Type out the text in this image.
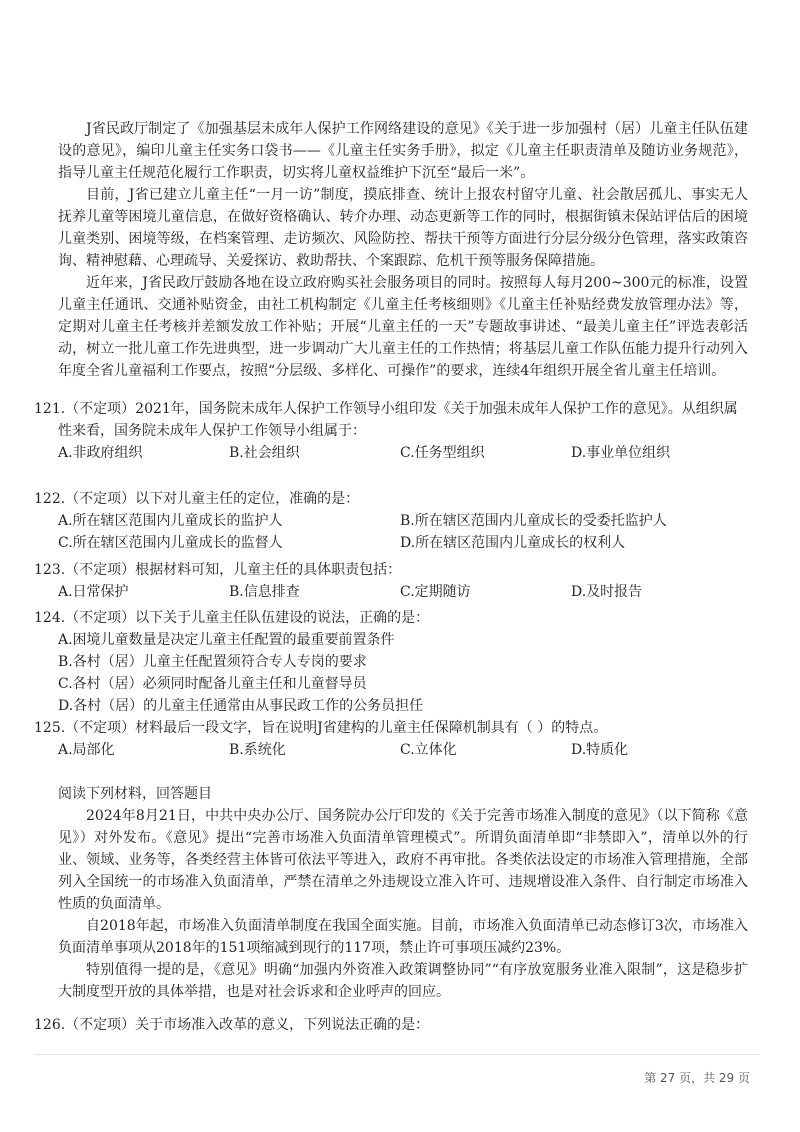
J省民政厅制定了《加强基层未成年人保护工作网络建设的意见》《关于进一步加强村（居）儿童主任队伍建设的意见》，编印儿童主任实务口袋书——《儿童主任实务手册》，拟定《儿童主任职责清单及随访业务规范》，指导儿童主任规范化履行工作职责，切实将儿童权益维护下沉至“最后一米”。

目前，J省已建立儿童主任“一月一访”制度，摸底排查、统计上报农村留守儿童、社会散居孤儿、事实无人抚养儿童等困境儿童信息，在做好资格确认、转介办理、动态更新等工作的同时，根据街镇未保站评估后的困境儿童类别、困境等级，在档案管理、走访频次、风险防控、帮扶干预等方面进行分层分级分色管理，落实政策咨询、精神慰藉、心理疏导、关爱探访、救助帮扶、个案跟踪、危机干预等服务保障措施。

近年来，J省民政厅鼓励各地在设立政府购买社会服务项目的同时。按照每人每月200~300元的标准，设置儿童主任通讯、交通补贴资金，由社工机构制定《儿童主任考核细则》《儿童主任补贴经费发放管理办法》等，定期对儿童主任考核并差额发放工作补贴；开展“儿童主任的一天”专题故事讲述、“最美儿童主任”评选表彰活动，树立一批儿童工作先进典型，进一步调动广大儿童主任的工作热情；将基层儿童工作队伍能力提升行动列入年度全省儿童福利工作要点，按照“分层级、多样化、可操作”的要求，连续4年组织开展全省儿童主任培训。

121.（不定项）2021年，国务院未成年人保护工作领导小组印发《关于加强未成年人保护工作的意见》。从组织属性来看，国务院未成年人保护工作领导小组属于：

A.非政府组织	B.社会组织	C.任务型组织	D.事业单位组织

122.（不定项）以下对儿童主任的定位，准确的是：

A.所在辖区范围内儿童成长的监护人	B.所在辖区范围内儿童成长的受委托监护人
C.所在辖区范围内儿童成长的监督人	D.所在辖区范围内儿童成长的权利人

123.（不定项）根据材料可知，儿童主任的具体职责包括：

A.日常保护	B.信息排查	C.定期随访	D.及时报告

124.（不定项）以下关于儿童主任队伍建设的说法，正确的是：

A.困境儿童数量是决定儿童主任配置的最重要前置条件
B.各村（居）儿童主任配置须符合专人专岗的要求
C.各村（居）必须同时配备儿童主任和儿童督导员
D.各村（居）的儿童主任通常由从事民政工作的公务员担任

125.（不定项）材料最后一段文字，旨在说明J省建构的儿童主任保障机制具有（ ）的特点。

A.局部化	B.系统化	C.立体化	D.特质化

阅读下列材料，回答题目

2024年8月21日，中共中央办公厅、国务院办公厅印发的《关于完善市场准入制度的意见》（以下简称《意见》）对外发布。《意见》提出“完善市场准入负面清单管理模式”。所谓负面清单即“非禁即入”，清单以外的行业、领域、业务等，各类经营主体皆可依法平等进入，政府不再审批。各类依法设定的市场准入管理措施，全部列入全国统一的市场准入负面清单，严禁在清单之外违规设立准入许可、违规增设准入条件、自行制定市场准入性质的负面清单。

自2018年起，市场准入负面清单制度在我国全面实施。目前，市场准入负面清单已动态修订3次，市场准入负面清单事项从2018年的151项缩减到现行的117项，禁止许可事项压减约23%。

特别值得一提的是，《意见》明确“加强内外资准入政策调整协同”“有序放宽服务业准入限制”，这是稳步扩大制度型开放的具体举措，也是对社会诉求和企业呼声的回应。

126.（不定项）关于市场准入改革的意义，下列说法正确的是：

第 27 页，共 29 页
